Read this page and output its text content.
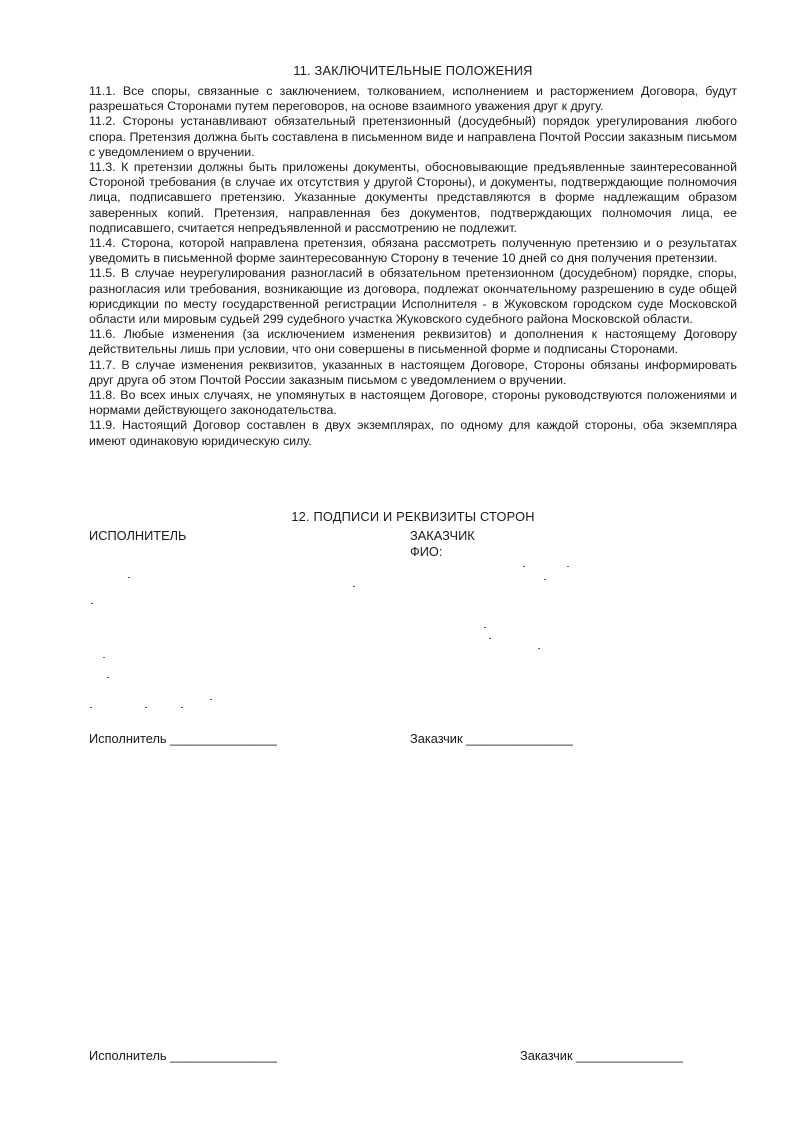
11. ЗАКЛЮЧИТЕЛЬНЫЕ ПОЛОЖЕНИЯ

11.1. Все споры, связанные с заключением, толкованием, исполнением и расторжением Договора, будут разрешаться Сторонами путем переговоров, на основе взаимного уважения друг к другу.

11.2. Стороны устанавливают обязательный претензионный (досудебный) порядок урегулирования любого спора. Претензия должна быть составлена в письменном виде и направлена Почтой России заказным письмом с уведомлением о вручении.

11.3. К претензии должны быть приложены документы, обосновывающие предъявленные заинтересованной Стороной требования (в случае их отсутствия у другой Стороны), и документы, подтверждающие полномочия лица, подписавшего претензию. Указанные документы представляются в форме надлежащим образом заверенных копий. Претензия, направленная без документов, подтверждающих полномочия лица, ее подписавшего, считается непредъявленной и рассмотрению не подлежит.

11.4. Сторона, которой направлена претензия, обязана рассмотреть полученную претензию и о результатах уведомить в письменной форме заинтересованную Сторону в течение 10 дней со дня получения претензии.

11.5. В случае неурегулирования разногласий в обязательном претензионном (досудебном) порядке, споры, разногласия или требования, возникающие из договора, подлежат окончательному разрешению в суде общей юрисдикции по месту государственной регистрации Исполнителя - в Жуковском городском суде Московской области или мировым судьей 299 судебного участка Жуковского судебного района Московской области.

11.6. Любые изменения (за исключением изменения реквизитов) и дополнения к настоящему Договору действительны лишь при условии, что они совершены в письменной форме и подписаны Сторонами.

11.7. В случае изменения реквизитов, указанных в настоящем Договоре, Стороны обязаны информировать друг друга об этом Почтой России заказным письмом с уведомлением о вручении.

11.8. Во всех иных случаях, не упомянутых в настоящем Договоре, стороны руководствуются положениями и нормами действующего законодательства.

11.9. Настоящий Договор составлен в двух экземплярах, по одному для каждой стороны, оба экземпляра имеют одинаковую юридическую силу.

12. ПОДПИСИ И РЕКВИЗИТЫ СТОРОН
ИСПОЛНИТЕЛЬ	ЗАКАЗЧИК
ФИО:
Исполнитель _______________	Заказчик _______________
Исполнитель _______________	Заказчик _______________
